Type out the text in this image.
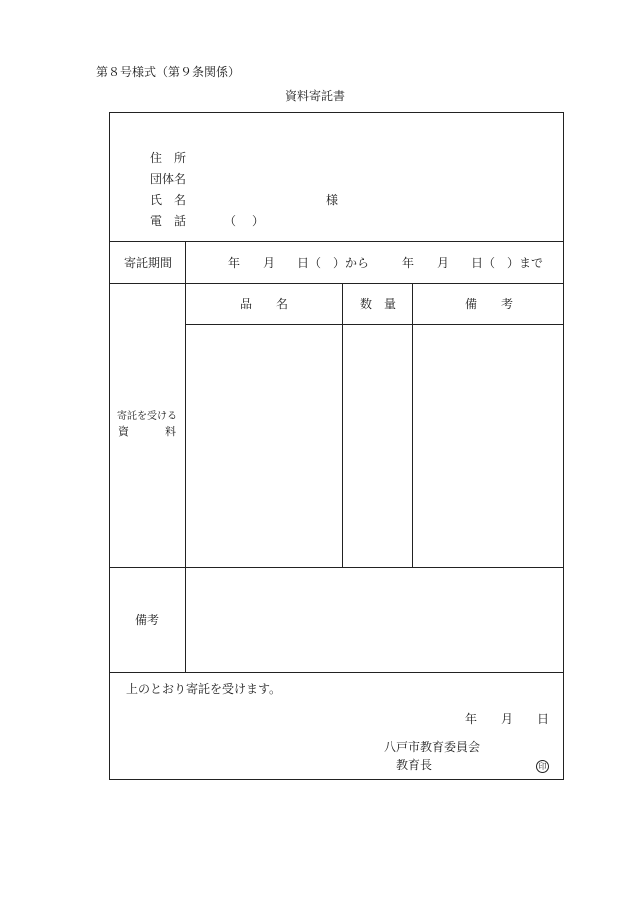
第８号様式（第９条関係）
資料寄託書
住　所
団体名
氏　名	様
電　話	（ ）
寄託期間	年 月 日（　）から	年 月 日（　）まで
品　　名	数　量	備　　考
寄託を受ける
資	料
備考
上のとおり寄託を受けます。
年 月 日
八戸市教育委員会
教育長	印
